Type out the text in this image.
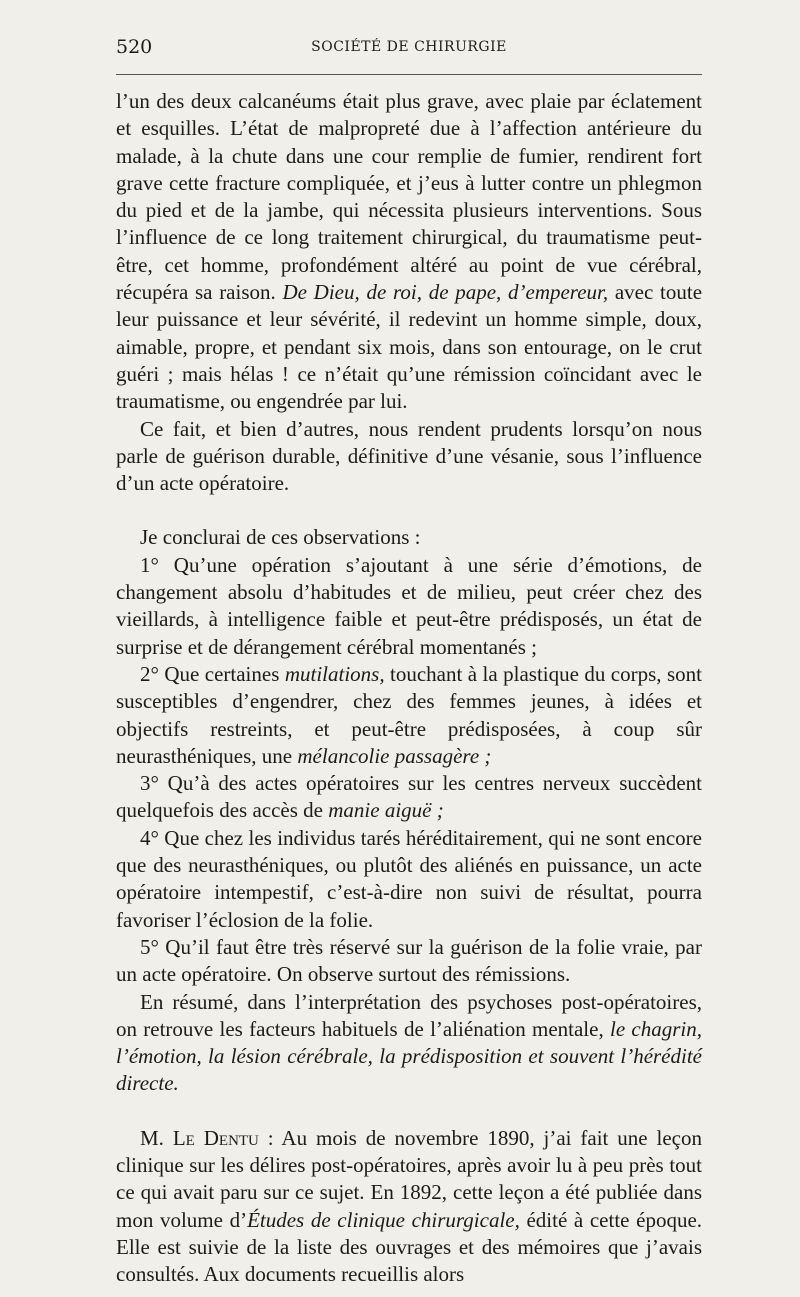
520	SOCIÉTÉ DE CHIRURGIE

l’un des deux calcanéums était plus grave, avec plaie par éclatement et esquilles. L’état de malpropreté due à l’affection antérieure du malade, à la chute dans une cour remplie de fumier, rendirent fort grave cette fracture compliquée, et j’eus à lutter contre un phlegmon du pied et de la jambe, qui nécessita plusieurs interventions. Sous l’influence de ce long traitement chirurgical, du traumatisme peut-être, cet homme, profondément altéré au point de vue cérébral, récupéra sa raison. De Dieu, de roi, de pape, d’empereur, avec toute leur puissance et leur sévérité, il redevint un homme simple, doux, aimable, propre, et pendant six mois, dans son entourage, on le crut guéri ; mais hélas ! ce n’était qu’une rémission coïncidant avec le traumatisme, ou engendrée par lui.

Ce fait, et bien d’autres, nous rendent prudents lorsqu’on nous parle de guérison durable, définitive d’une vésanie, sous l’influence d’un acte opératoire.

Je conclurai de ces observations :

1° Qu’une opération s’ajoutant à une série d’émotions, de changement absolu d’habitudes et de milieu, peut créer chez des vieillards, à intelligence faible et peut-être prédisposés, un état de surprise et de dérangement cérébral momentanés ;

2° Que certaines mutilations, touchant à la plastique du corps, sont susceptibles d’engendrer, chez des femmes jeunes, à idées et objectifs restreints, et peut-être prédisposées, à coup sûr neurasthéniques, une mélancolie passagère ;

3° Qu’à des actes opératoires sur les centres nerveux succèdent quelquefois des accès de manie aiguë ;

4° Que chez les individus tarés héréditairement, qui ne sont encore que des neurasthéniques, ou plutôt des aliénés en puissance, un acte opératoire intempestif, c’est-à-dire non suivi de résultat, pourra favoriser l’éclosion de la folie.

5° Qu’il faut être très réservé sur la guérison de la folie vraie, par un acte opératoire. On observe surtout des rémissions.

En résumé, dans l’interprétation des psychoses post-opératoires, on retrouve les facteurs habituels de l’aliénation mentale, le chagrin, l’émotion, la lésion cérébrale, la prédisposition et souvent l’hérédité directe.

M. Le Dentu : Au mois de novembre 1890, j’ai fait une leçon clinique sur les délires post-opératoires, après avoir lu à peu près tout ce qui avait paru sur ce sujet. En 1892, cette leçon a été publiée dans mon volume d’Études de clinique chirurgicale, édité à cette époque. Elle est suivie de la liste des ouvrages et des mémoires que j’avais consultés. Aux documents recueillis alors
